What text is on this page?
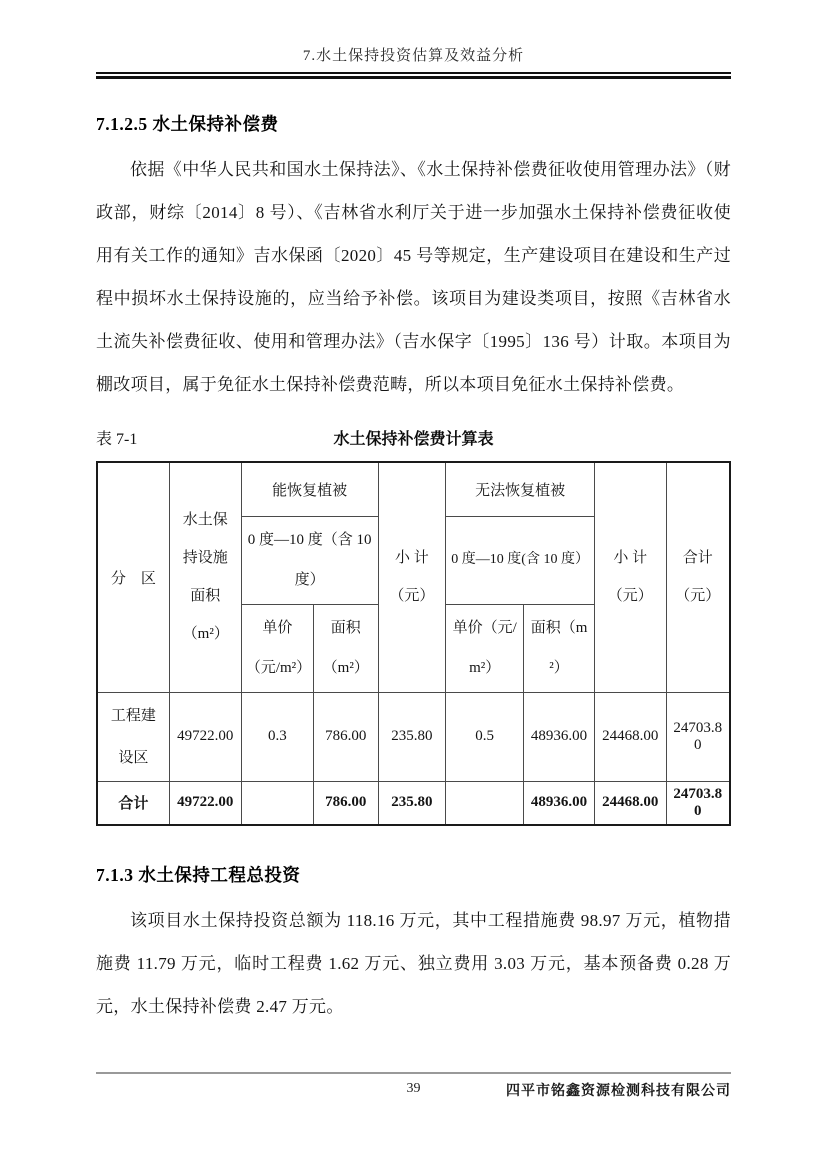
7.水土保持投资估算及效益分析
7.1.2.5 水土保持补偿费

依据《中华人民共和国水土保持法》、《水土保持补偿费征收使用管理办法》（财政部，财综〔2014〕8 号）、《吉林省水利厅关于进一步加强水土保持补偿费征收使用有关工作的通知》吉水保函〔2020〕45 号等规定，生产建设项目在建设和生产过程中损坏水土保持设施的，应当给予补偿。该项目为建设类项目，按照《吉林省水土流失补偿费征收、使用和管理办法》（吉水保字〔1995〕136 号）计取。本项目为棚改项目，属于免征水土保持补偿费范畴，所以本项目免征水土保持补偿费。

表 7-1	水土保持补偿费计算表
分　区	水土保持设施面积（m²）	能恢复植被		小 计（元）	无法恢复植被		小 计（元）	合计（元）
		0 度—10 度（含 10 度）			0 度—10 度(含 10 度）			
		单价（元/m²）	面积（m²）		单价（元/m²）	面积（m²）		
工程建设区	49722.00	0.3	786.00	235.80	0.5	48936.00	24468.00	24703.80
合计	49722.00		786.00	235.80		48936.00	24468.00	24703.80
7.1.3 水土保持工程总投资

该项目水土保持投资总额为 118.16 万元，其中工程措施费 98.97 万元，植物措施费 11.79 万元，临时工程费 1.62 万元、独立费用 3.03 万元，基本预备费 0.28 万元，水土保持补偿费 2.47 万元。

39	四平市铭鑫资源检测科技有限公司
